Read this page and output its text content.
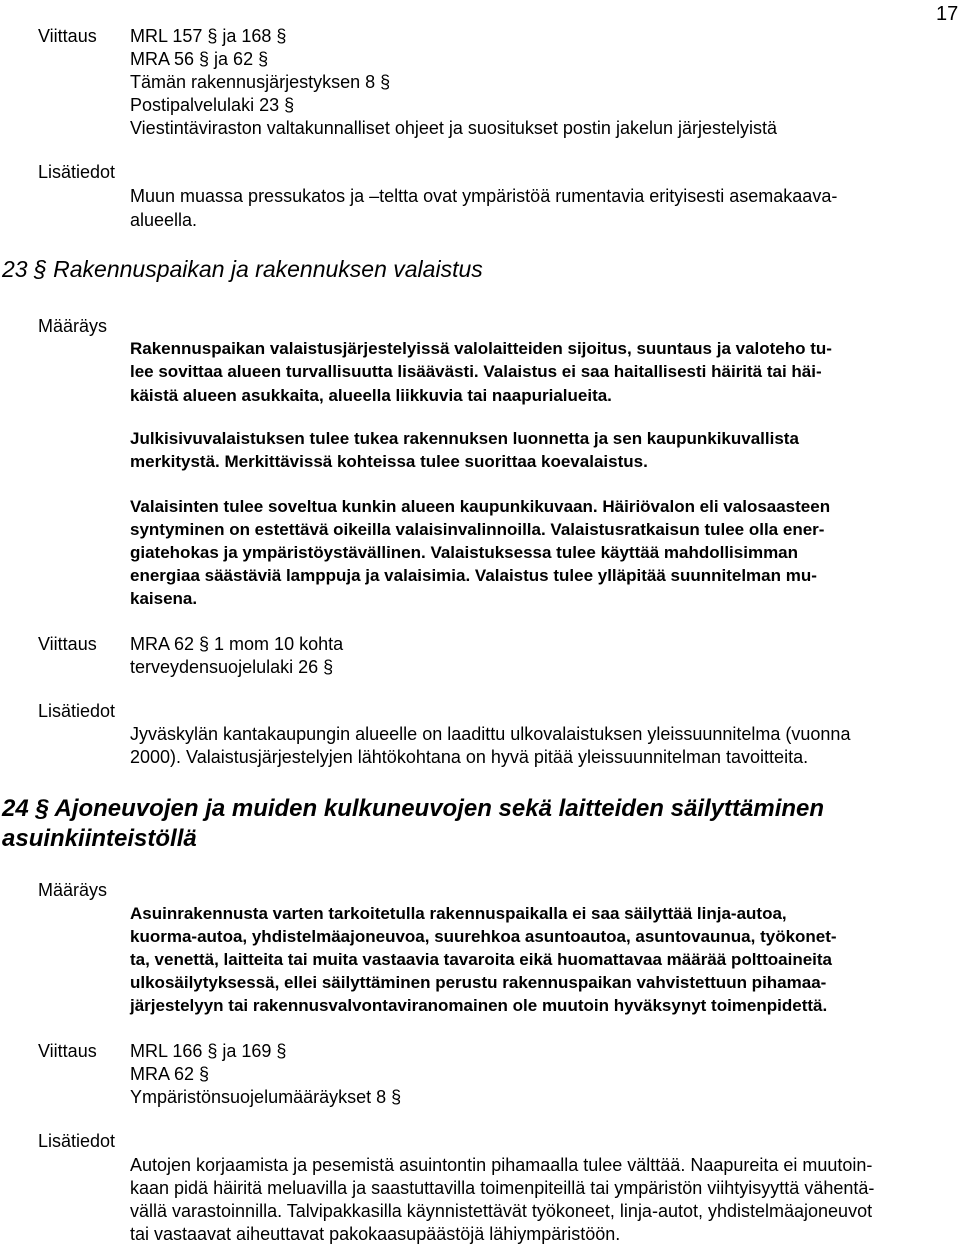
17
Viittaus MRL 157 § ja 168 §
MRA 56 § ja 62 §
Tämän rakennusjärjestyksen 8 §
Postipalvelulaki 23 §
Viestintäviraston valtakunnalliset ohjeet ja suositukset postin jakelun järjestelyistä
Lisätiedot
Muun muassa pressukatos ja –teltta ovat ympäristöä rumentavia erityisesti asemakaava-
alueella.
23 § Rakennuspaikan ja rakennuksen valaistus
Määräys
Rakennuspaikan valaistusjärjestelyissä valolaitteiden sijoitus, suuntaus ja valoteho tu-
lee sovittaa alueen turvallisuutta lisäävästi. Valaistus ei saa haitallisesti häiritä tai häi-
käistä alueen asukkaita, alueella liikkuvia tai naapurialueita.
Julkisivuvalaistuksen tulee tukea rakennuksen luonnetta ja sen kaupunkikuvallista
merkitystä. Merkittävissä kohteissa tulee suorittaa koevalaistus.
Valaisinten tulee soveltua kunkin alueen kaupunkikuvaan. Häiriövalon eli valosaasteen
syntyminen on estettävä oikeilla valaisinvalinnoilla. Valaistusratkaisun tulee olla ener-
giatehokas ja ympäristöystävällinen. Valaistuksessa tulee käyttää mahdollisimman
energiaa säästäviä lamppuja ja valaisimia. Valaistus tulee ylläpitää suunnitelman mu-
kaisena.
Viittaus MRA 62 § 1 mom 10 kohta
terveydensuojelulaki 26 §
Lisätiedot
Jyväskylän kantakaupungin alueelle on laadittu ulkovalaistuksen yleissuunnitelma (vuonna
2000). Valaistusjärjestelyjen lähtökohtana on hyvä pitää yleissuunnitelman tavoitteita.
24 § Ajoneuvojen ja muiden kulkuneuvojen sekä laitteiden säilyttäminen
asuinkiinteistöllä
Määräys
Asuinrakennusta varten tarkoitetulla rakennuspaikalla ei saa säilyttää linja-autoa,
kuorma-autoa, yhdistelmäajoneuvoa, suurehkoa asuntoautoa, asuntovaunua, työkonet-
ta, venettä, laitteita tai muita vastaavia tavaroita eikä huomattavaa määrää polttoaineita
ulkosäilytyksessä, ellei säilyttäminen perustu rakennuspaikan vahvistettuun pihamaa-
järjestelyyn tai rakennusvalvontaviranomainen ole muutoin hyväksynyt toimenpidettä.
Viittaus MRL 166 § ja 169 §
MRA 62 §
Ympäristönsuojelumääräykset 8 §
Lisätiedot
Autojen korjaamista ja pesemistä asuintontin pihamaalla tulee välttää. Naapureita ei muutoin-
kaan pidä häiritä meluavilla ja saastuttavilla toimenpiteillä tai ympäristön viihtyisyyttä vähentä-
vällä varastoinnilla. Talvipakkasilla käynnistettävät työkoneet, linja-autot, yhdistelmäajoneuvot
tai vastaavat aiheuttavat pakokaasupäästöjä lähiympäristöön.
